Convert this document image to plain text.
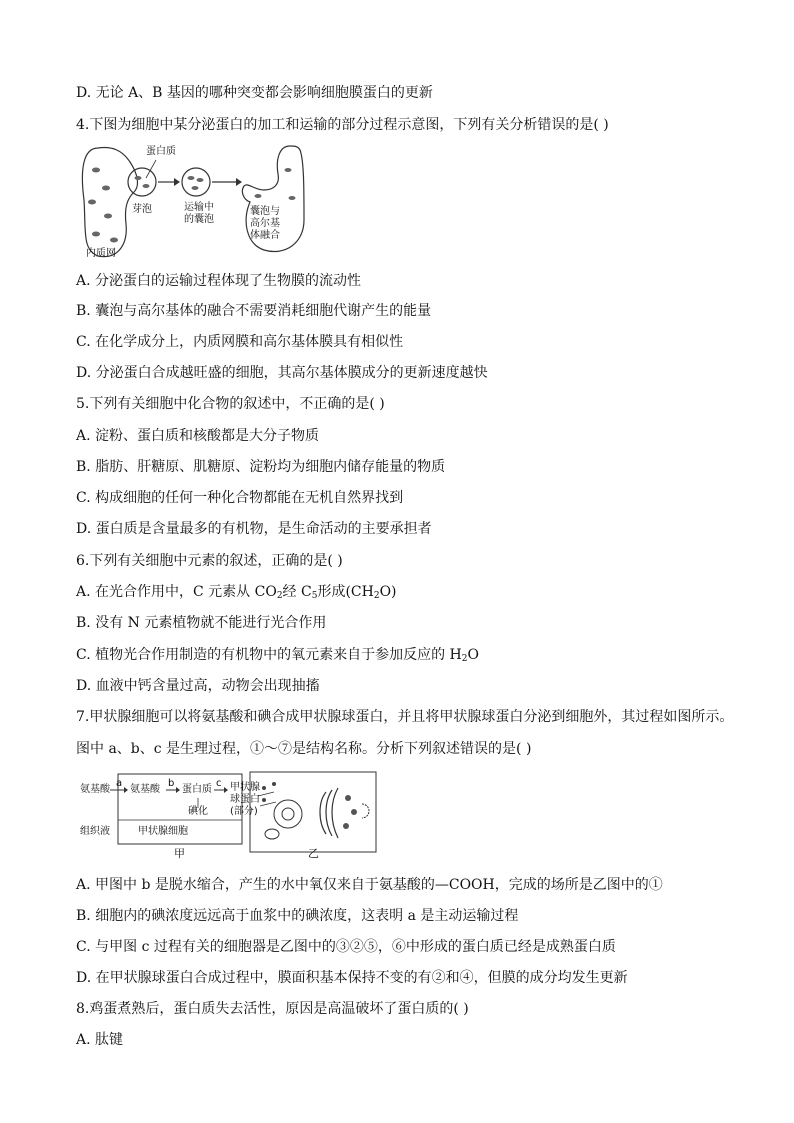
D. 无论 A、B 基因的哪种突变都会影响细胞膜蛋白的更新
4.下图为细胞中某分泌蛋白的加工和运输的部分过程示意图，下列有关分析错误的是( )
蛋白质
芽泡	运输中
的囊泡
囊泡与
高尔基
体融合
内质网
A. 分泌蛋白的运输过程体现了生物膜的流动性
B. 囊泡与高尔基体的融合不需要消耗细胞代谢产生的能量
C. 在化学成分上，内质网膜和高尔基体膜具有相似性
D. 分泌蛋白合成越旺盛的细胞，其高尔基体膜成分的更新速度越快
5.下列有关细胞中化合物的叙述中，不正确的是( )
A. 淀粉、蛋白质和核酸都是大分子物质
B. 脂肪、肝糖原、肌糖原、淀粉均为细胞内储存能量的物质
C. 构成细胞的任何一种化合物都能在无机自然界找到
D. 蛋白质是含量最多的有机物，是生命活动的主要承担者
6.下列有关细胞中元素的叙述，正确的是( )
A. 在光合作用中，C 元素从 $CO_2$经 $C_5$形成$(CH_2O)$
B. 没有 N 元素植物就不能进行光合作用
C. 植物光合作用制造的有机物中的氧元素来自于参加反应的 $H_2O$
D. 血液中钙含量过高，动物会出现抽搐
7.甲状腺细胞可以将氨基酸和碘合成甲状腺球蛋白，并且将甲状腺球蛋白分泌到细胞外，其过程如图所示。
图中 a、b、c 是生理过程，①～⑦是结构名称。分析下列叙述错误的是( )
氨基酸 氨基酸 蛋白质
碘化
甲状腺
球蛋白
(部分)
组织液	甲状腺细胞
a	b	c
甲	乙
A. 甲图中 b 是脱水缩合，产生的水中氧仅来自于氨基酸的—COOH，完成的场所是乙图中的①
B. 细胞内的碘浓度远远高于血浆中的碘浓度，这表明 a 是主动运输过程
C. 与甲图 c 过程有关的细胞器是乙图中的③②⑤，⑥中形成的蛋白质已经是成熟蛋白质
D. 在甲状腺球蛋白合成过程中，膜面积基本保持不变的有②和④，但膜的成分均发生更新
8.鸡蛋煮熟后，蛋白质失去活性，原因是高温破坏了蛋白质的( )
A. 肽键
